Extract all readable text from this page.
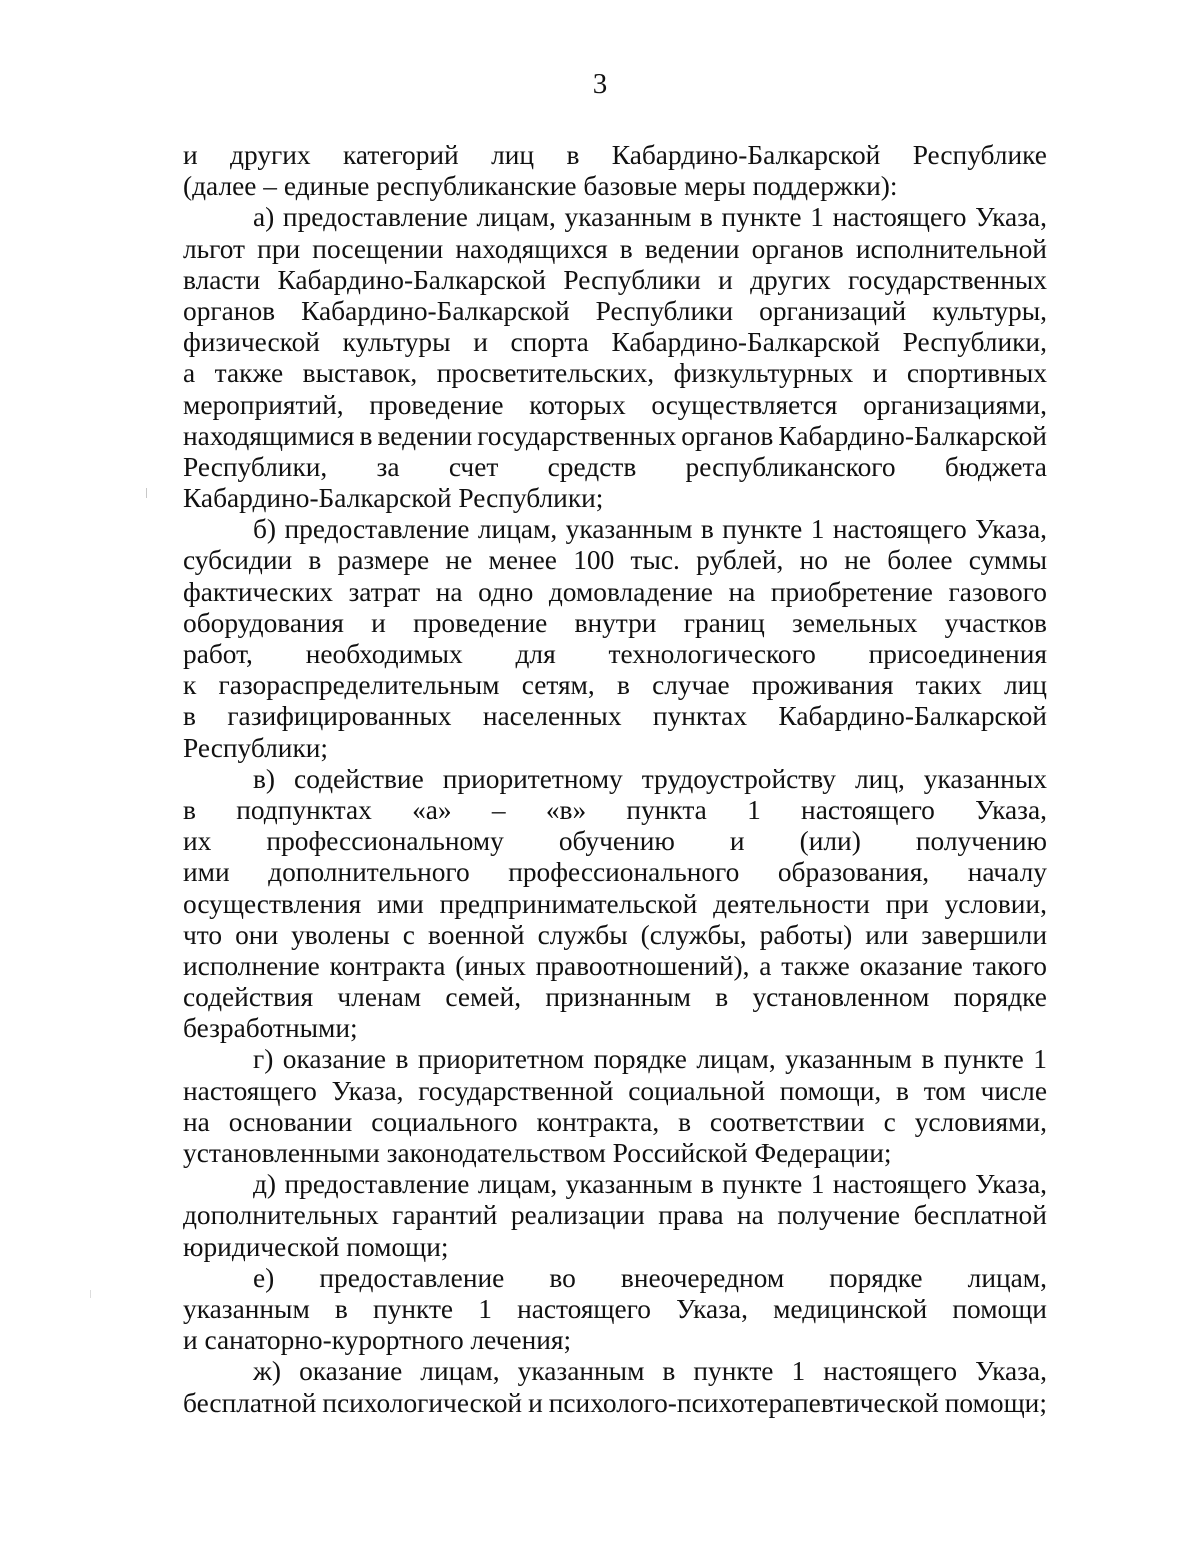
3
и других категорий лиц в Кабардино-Балкарской Республике
(далее – единые республиканские базовые меры поддержки):
а) предоставление лицам, указанным в пункте 1 настоящего Указа,
льгот при посещении находящихся в ведении органов исполнительной
власти Кабардино-Балкарской Республики и других государственных
органов Кабардино-Балкарской Республики организаций культуры,
физической культуры и спорта Кабардино-Балкарской Республики,
а также выставок, просветительских, физкультурных и спортивных
мероприятий, проведение которых осуществляется организациями,
находящимися в ведении государственных органов Кабардино-Балкарской
Республики, за счет средств республиканского бюджета
Кабардино-Балкарской Республики;
б) предоставление лицам, указанным в пункте 1 настоящего Указа,
субсидии в размере не менее 100 тыс. рублей, но не более суммы
фактических затрат на одно домовладение на приобретение газового
оборудования и проведение внутри границ земельных участков
работ, необходимых для технологического присоединения
к газораспределительным сетям, в случае проживания таких лиц
в газифицированных населенных пунктах Кабардино-Балкарской
Республики;
в) содействие приоритетному трудоустройству лиц, указанных
в подпунктах «а» – «в» пункта 1 настоящего Указа,
их профессиональному обучению и (или) получению
ими дополнительного профессионального образования, началу
осуществления ими предпринимательской деятельности при условии,
что они уволены с военной службы (службы, работы) или завершили
исполнение контракта (иных правоотношений), а также оказание такого
содействия членам семей, признанным в установленном порядке
безработными;
г) оказание в приоритетном порядке лицам, указанным в пункте 1
настоящего Указа, государственной социальной помощи, в том числе
на основании социального контракта, в соответствии с условиями,
установленными законодательством Российской Федерации;
д) предоставление лицам, указанным в пункте 1 настоящего Указа,
дополнительных гарантий реализации права на получение бесплатной
юридической помощи;
е) предоставление во внеочередном порядке лицам,
указанным в пункте 1 настоящего Указа, медицинской помощи
и санаторно-курортного лечения;
ж) оказание лицам, указанным в пункте 1 настоящего Указа,
бесплатной психологической и психолого-психотерапевтической помощи;
